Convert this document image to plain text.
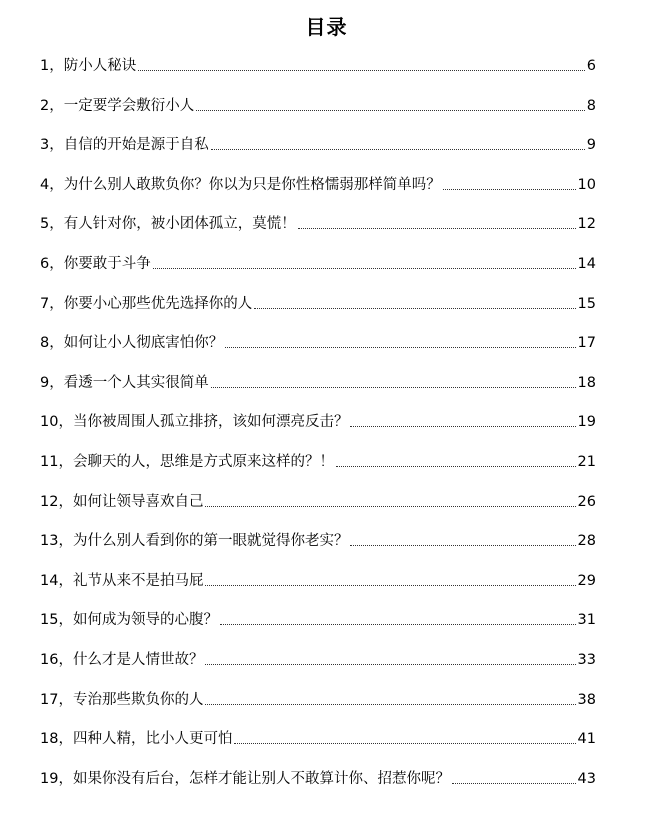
目录
1，防小人秘诀	6
2，一定要学会敷衍小人	8
3，自信的开始是源于自私	9
4，为什么别人敢欺负你？你以为只是你性格懦弱那样简单吗？	10
5，有人针对你，被小团体孤立，莫慌！	12
6，你要敢于斗争	14
7，你要小心那些优先选择你的人	15
8，如何让小人彻底害怕你？	17
9，看透一个人其实很简单	18
10，当你被周围人孤立排挤，该如何漂亮反击？	19
11，会聊天的人，思维是方式原来这样的？！	21
12，如何让领导喜欢自己	26
13，为什么别人看到你的第一眼就觉得你老实？	28
14，礼节从来不是拍马屁	29
15，如何成为领导的心腹？	31
16，什么才是人情世故？	33
17，专治那些欺负你的人	38
18，四种人精，比小人更可怕	41
19，如果你没有后台，怎样才能让别人不敢算计你、招惹你呢？	43
